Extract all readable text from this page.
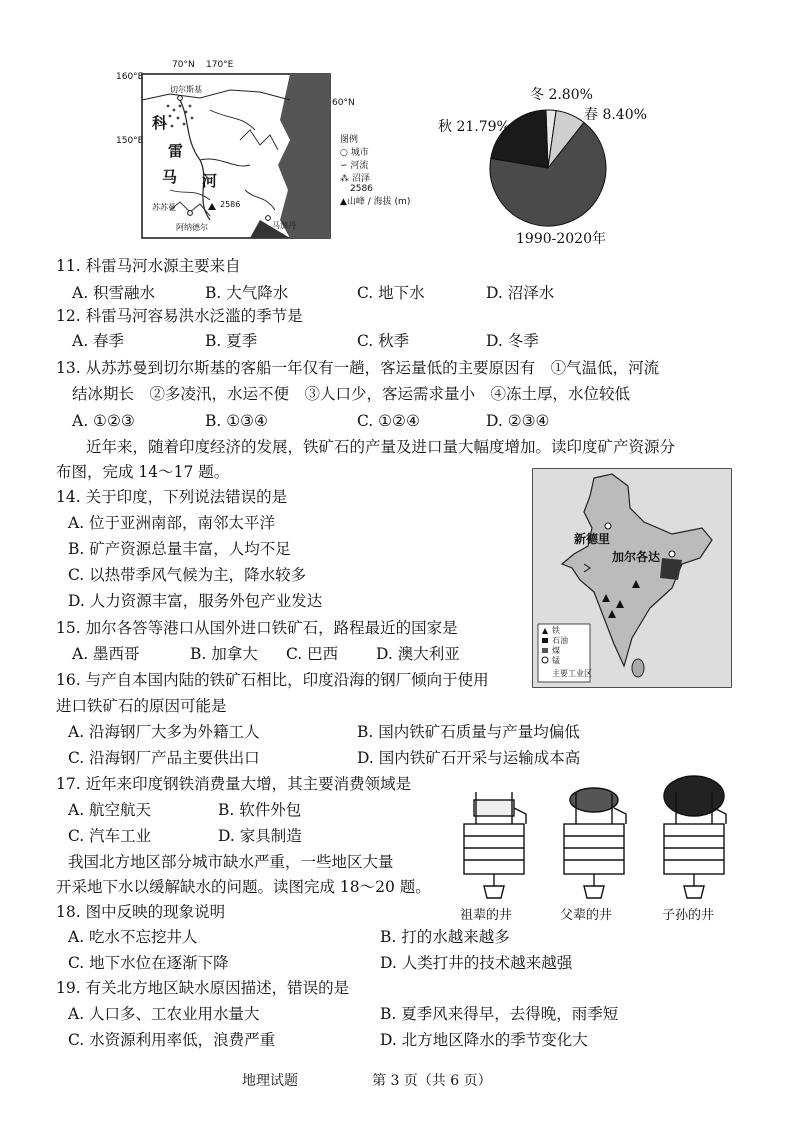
70°N 170°E
160°E
60°N
150°E
切尔斯基
科
雷
马 河
苏苏曼
马加丹
阿纳德尔
2586
图例
○ 城市
∽ 河流
⁂ 沼泽
2586
▲山峰 / 海拔 (m)
冬 2.80%
春 8.40%
秋 21.79%
1990-2020年
11. 科雷马河水源主要来自
A. 积雪融水	B. 大气降水	C. 地下水	D. 沼泽水
12. 科雷马河容易洪水泛滥的季节是
A. 春季	B. 夏季	C. 秋季	D. 冬季
13. 从苏苏曼到切尔斯基的客船一年仅有一趟，客运量低的主要原因有　①气温低，河流
结冰期长　②多凌汛，水运不便　③人口少，客运需求量小　④冻土厚，水位较低
A. ①②③	B. ①③④	C. ①②④	D. ②③④
近年来，随着印度经济的发展，铁矿石的产量及进口量大幅度增加。读印度矿产资源分
布图，完成 14～17 题。
新德里
加尔各达
铁
石油
煤
锰
主要工业区
14. 关于印度，下列说法错误的是
A. 位于亚洲南部，南邻太平洋
B. 矿产资源总量丰富，人均不足
C. 以热带季风气候为主，降水较多
D. 人力资源丰富，服务外包产业发达
15. 加尔各答等港口从国外进口铁矿石，路程最近的国家是
A. 墨西哥	B. 加拿大 C. 巴西 D. 澳大利亚
16. 与产自本国内陆的铁矿石相比，印度沿海的钢厂倾向于使用
进口铁矿石的原因可能是
A. 沿海钢厂大多为外籍工人	B. 国内铁矿石质量与产量均偏低
C. 沿海钢厂产品主要供出口	D. 国内铁矿石开采与运输成本高
17. 近年来印度钢铁消费量大增，其主要消费领域是
A. 航空航天	B. 软件外包
C. 汽车工业	D. 家具制造
我国北方地区部分城市缺水严重，一些地区大量
开采地下水以缓解缺水的问题。读图完成 18～20 题。
祖辈的井	父辈的井	子孙的井
18. 图中反映的现象说明
A. 吃水不忘挖井人	B. 打的水越来越多
C. 地下水位在逐渐下降	D. 人类打井的技术越来越强
19. 有关北方地区缺水原因描述，错误的是
A. 人口多、工农业用水量大	B. 夏季风来得早，去得晚，雨季短
C. 水资源利用率低，浪费严重	D. 北方地区降水的季节变化大
地理试题	第 3 页（共 6 页）
